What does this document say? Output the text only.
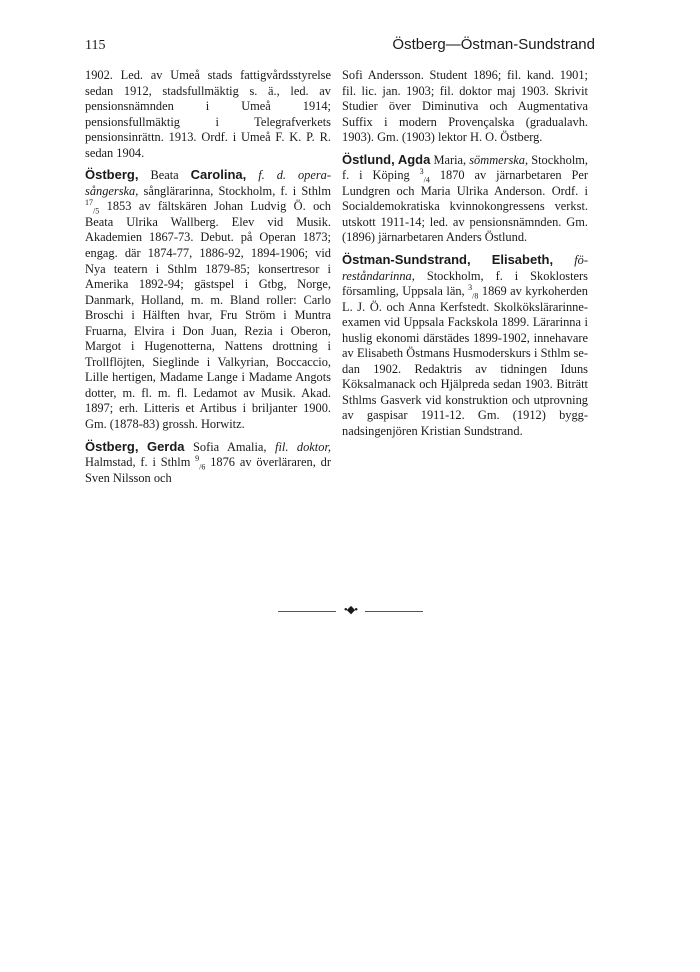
115	Östberg—Östman-Sundstrand

1902. Led. av Umeå stads fattigvårdsstyrelse sedan 1912, stadsfullmäktig s. ä., led. av pensionsnämnden i Umeå 1914; pensionsfullmäktig i Telegrafverkets pensionsinrättn. 1913. Ordf. i Umeå F. K. P. R. sedan 1904.

Östberg, Beata Carolina, f. d. operasångerska, sånglärarinna, Stockholm, f. i Sthlm $^{17}_{/5}$ 1853 av fältskären Johan Ludvig Ö. och Beata Ulrika Wallberg. Elev vid Musik. Akademien 1867-73. Debut. på Operan 1873; engag. där 1874-77, 1886-92, 1894-1906; vid Nya teatern i Sthlm 1879-85; konsertresor i Amerika 1892-94; gästspel i Gtbg, Norge, Danmark, Holland, m. m. Bland roller: Carlo Broschi i Hälften hvar, Fru Ström i Muntra Fruarna, Elvira i Don Juan, Rezia i Oberon, Margot i Hugenotterna, Nattens drottning i Trollflöjten, Sieglinde i Valkyrian, Boccaccio, Lille hertigen, Madame Lange i Madame Angots dotter, m. fl. m. fl. Ledamot av Musik. Akad. 1897; erh. Litteris et Artibus i briljanter 1900. Gm. (1878-83) grossh. Horwitz.

Östberg, Gerda Sofia Amalia, fil. doktor, Halmstad, f. i Sthlm $^9_{/6}$ 1876 av överläraren, dr Sven Nilsson och

Sofi Andersson. Student 1896; fil. kand. 1901; fil. lic. jan. 1903; fil. doktor maj 1903. Skrivit Studier över Diminutiva och Augmentativa Suffix i modern Provençalska (gradualavh. 1903). Gm. (1903) lektor H. O. Östberg.

Östlund, Agda Maria, sömmerska, Stockholm, f. i Köping $^3_{/4}$ 1870 av järnarbetaren Per Lundgren och Maria Ulrika Anderson. Ordf. i Socialdemokratiska kvinnokongressens verkst. utskott 1911-14; led. av pensionsnämnden. Gm. (1896) järnarbetaren Anders Östlund.

Östman-Sundstrand, Elisabeth, föreståndarinna, Stockholm, f. i Skoklosters församling, Uppsala län, $^3_{/8}$ 1869 av kyrkoherden L. J. Ö. och Anna Kerfstedt. Skolkökslärarinneexamen vid Uppsala Fackskola 1899. Lärarinna i huslig ekonomi därstädes 1899-1902, innehavare av Elisabeth Östmans Husmoderskurs i Sthlm sedan 1902. Redaktris av tidningen Iduns Köksalmanack och Hjälpreda sedan 1903. Biträtt Sthlms Gasverk vid konstruktion och utprovning av gaspisar 1911-12. Gm. (1912) byggnadsingenjören Kristian Sundstrand.

•◆•
